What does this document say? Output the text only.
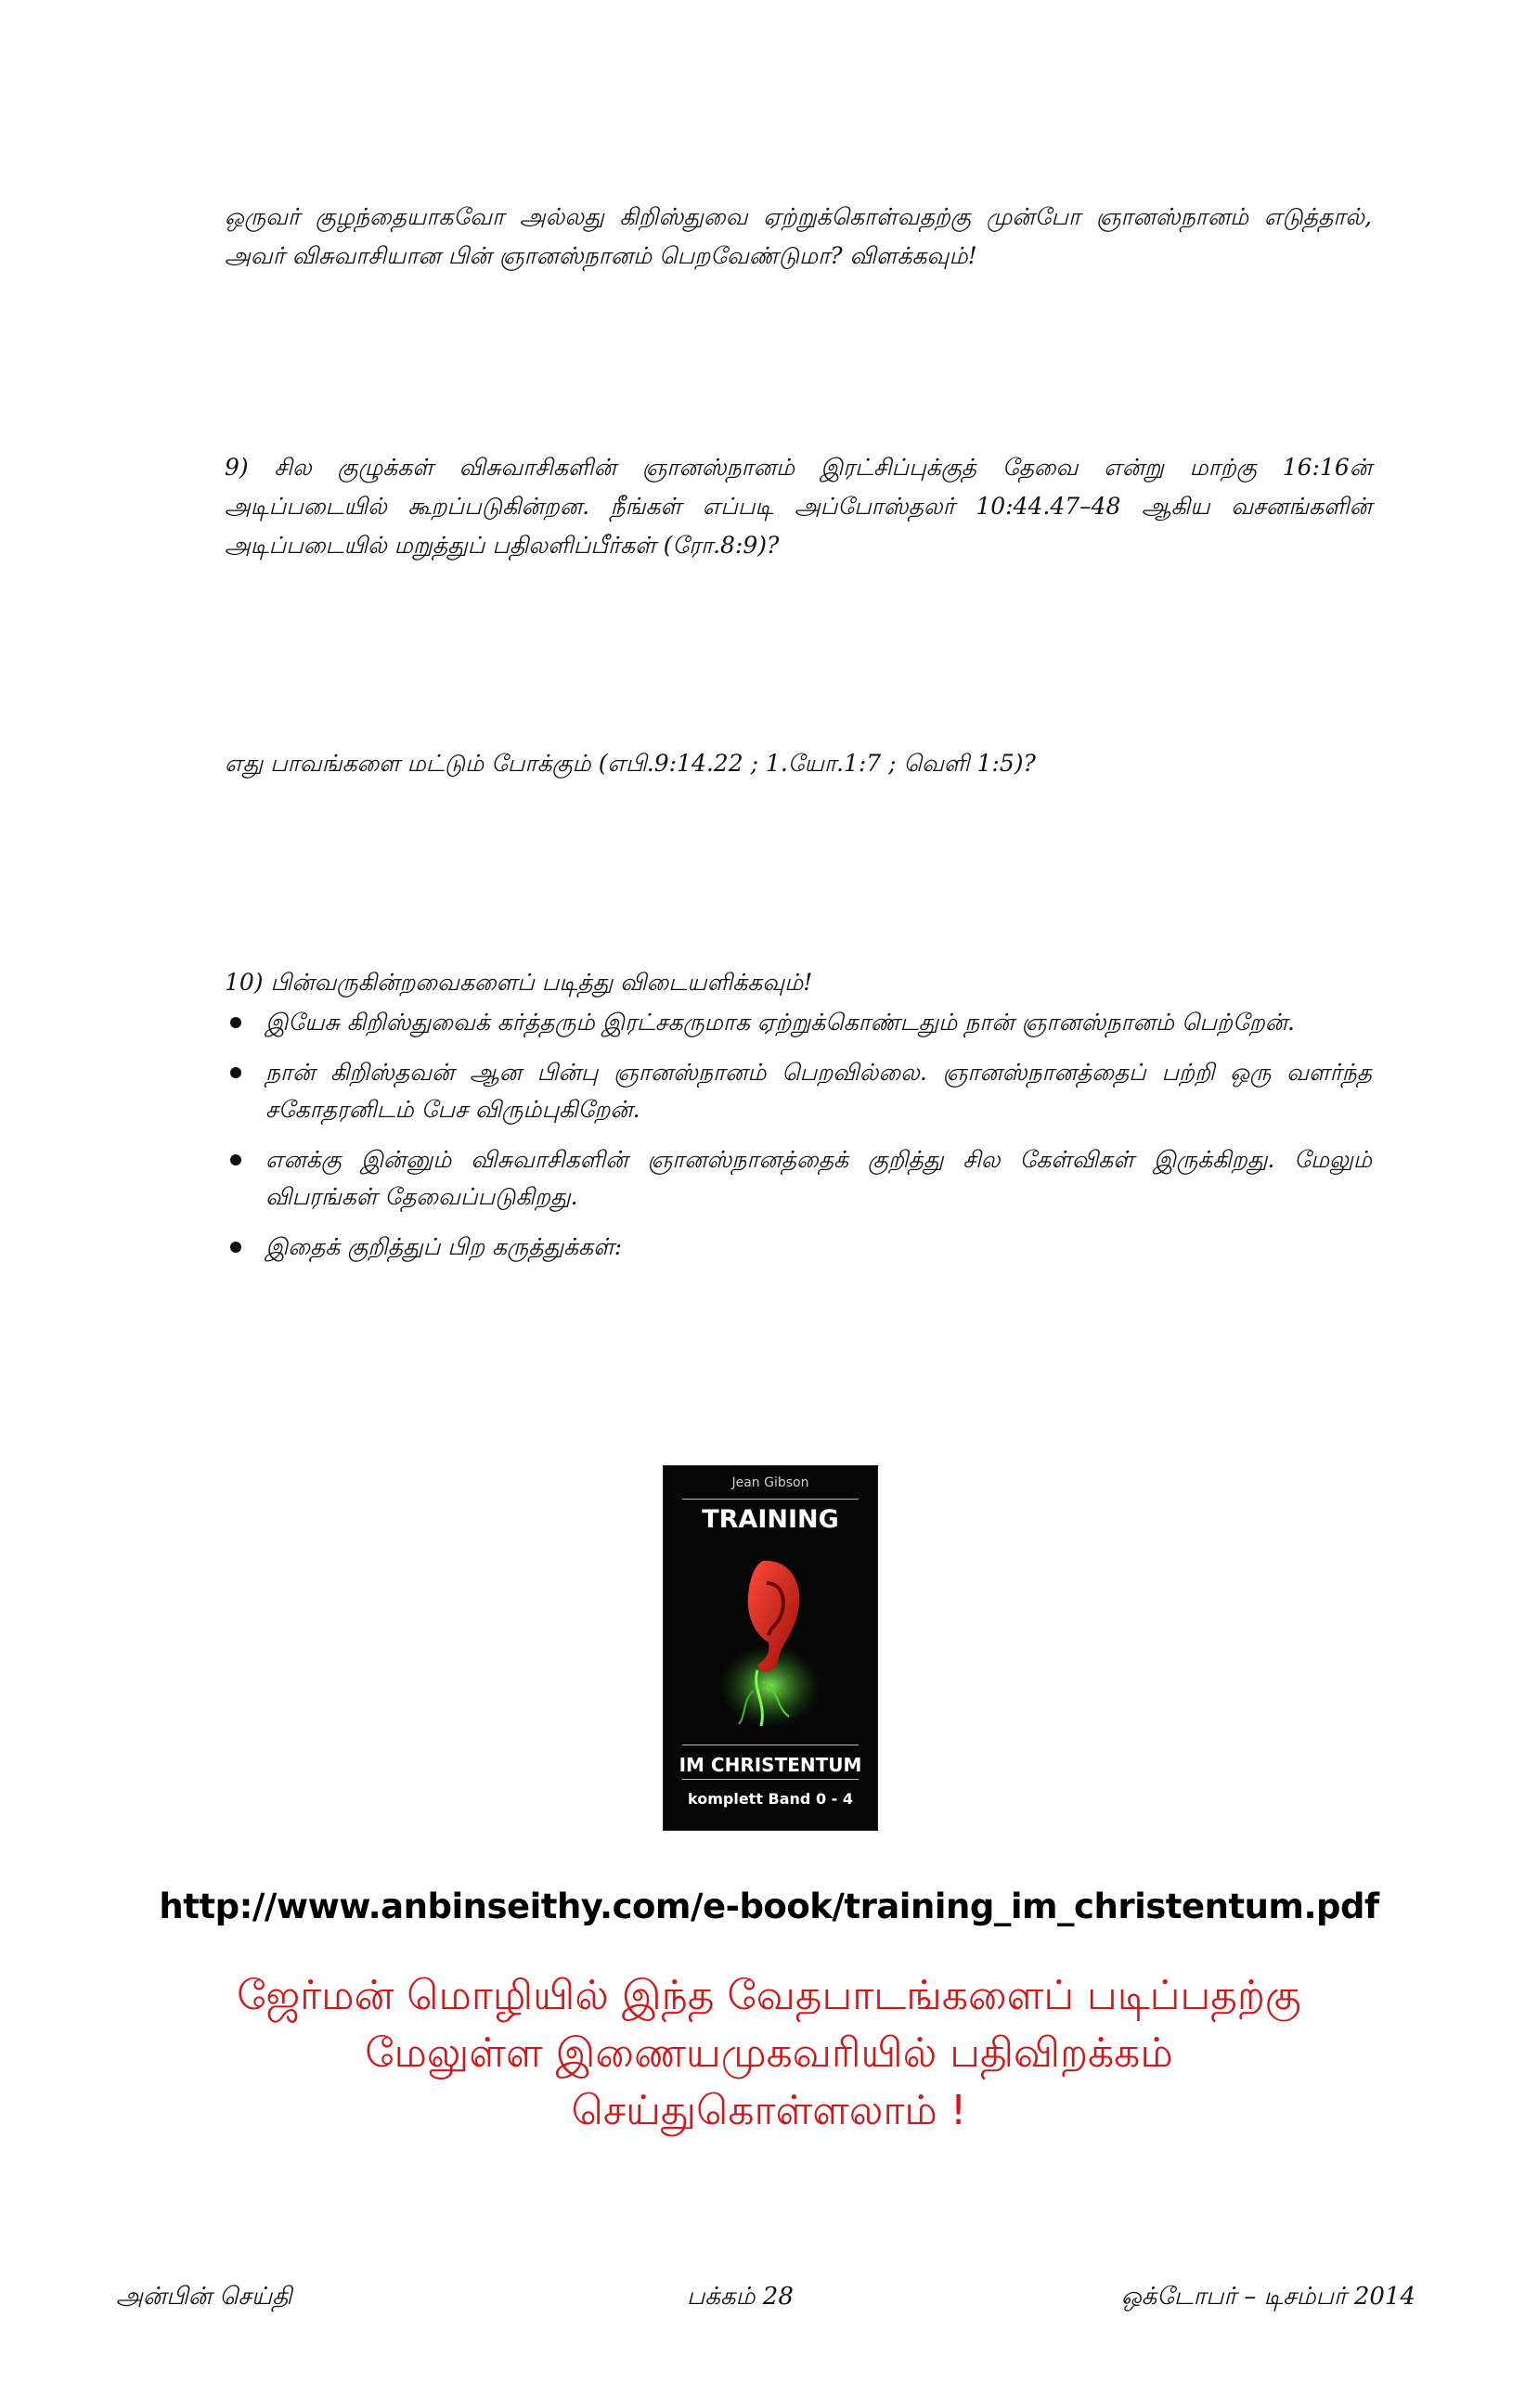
ஒருவர் குழந்தையாகவோ அல்லது கிறிஸ்துவை ஏற்றுக்கொள்வதற்கு முன்போ ஞானஸ்நானம் எடுத்தால், அவர் விசுவாசியான பின் ஞானஸ்நானம் பெறவேண்டுமா? விளக்கவும்!
9) சில குழுக்கள் விசுவாசிகளின் ஞானஸ்நானம் இரட்சிப்புக்குத் தேவை என்று மாற்கு 16:16ன் அடிப்படையில் கூறப்படுகின்றன. நீங்கள் எப்படி அப்போஸ்தலர் 10:44.47–48 ஆகிய வசனங்களின் அடிப்படையில் மறுத்துப் பதிலளிப்பீர்கள் (ரோ.8:9)?
எது பாவங்களை மட்டும் போக்கும் (எபி.9:14.22 ; 1.யோ.1:7 ; வெளி 1:5)?
10) பின்வருகின்றவைகளைப் படித்து விடையளிக்கவும்!
இயேசு கிறிஸ்துவைக் கர்த்தரும் இரட்சகருமாக ஏற்றுக்கொண்டதும் நான் ஞானஸ்நானம் பெற்றேன்.
நான் கிறிஸ்தவன் ஆன பின்பு ஞானஸ்நானம் பெறவில்லை. ஞானஸ்நானத்தைப் பற்றி ஒரு வளர்ந்த சகோதரனிடம் பேச விரும்புகிறேன்.
எனக்கு இன்னும் விசுவாசிகளின் ஞானஸ்நானத்தைக் குறித்து சில கேள்விகள் இருக்கிறது. மேலும் விபரங்கள் தேவைப்படுகிறது.
இதைக் குறித்துப் பிற கருத்துக்கள்:
Jean Gibson
TRAINING
IM CHRISTENTUM
komplett Band 0 - 4
http://www.anbinseithy.com/e-book/training_im_christentum.pdf
ஜேர்மன் மொழியில் இந்த வேதபாடங்களைப் படிப்பதற்கு
மேலுள்ள இணையமுகவரியில் பதிவிறக்கம்
செய்துகொள்ளலாம் !
அன்பின் செய்தி	பக்கம் 28	ஒக்டோபர் – டிசம்பர் 2014
